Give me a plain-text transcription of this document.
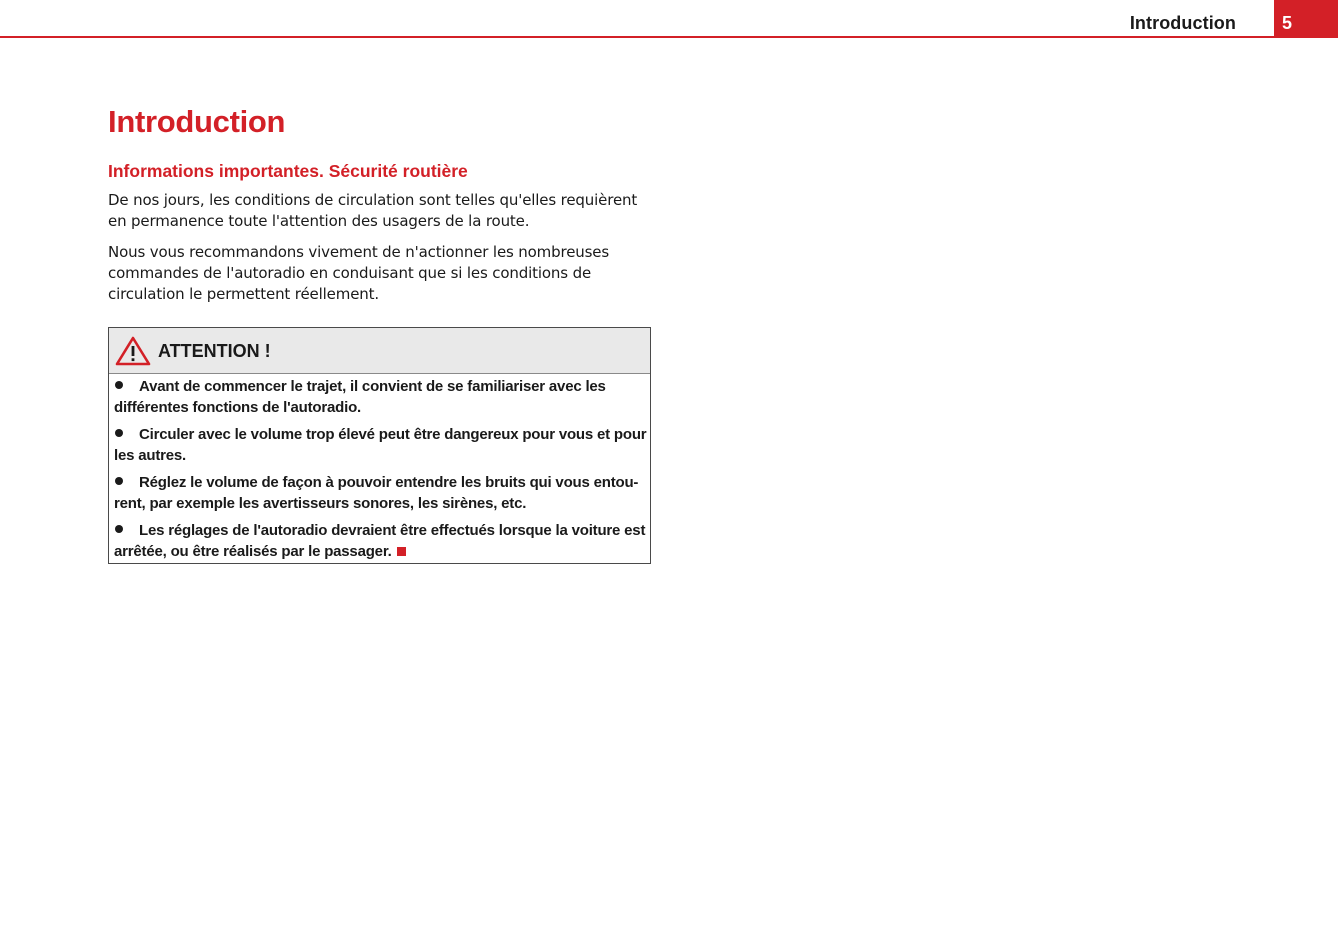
Introduction	5
Introduction
Informations importantes. Sécurité routière

De nos jours, les conditions de circulation sont telles qu'elles requièrent en permanence toute l'attention des usagers de la route.

Nous vous recommandons vivement de n'actionner les nombreuses commandes de l'autoradio en conduisant que si les conditions de circulation le permettent réellement.

ATTENTION !
Avant de commencer le trajet, il convient de se familiariser avec les différentes fonctions de l'autoradio.
Circuler avec le volume trop élevé peut être dangereux pour vous et pour les autres.
Réglez le volume de façon à pouvoir entendre les bruits qui vous entou-rent, par exemple les avertisseurs sonores, les sirènes, etc.
Les réglages de l'autoradio devraient être effectués lorsque la voiture est arrêtée, ou être réalisés par le passager.
